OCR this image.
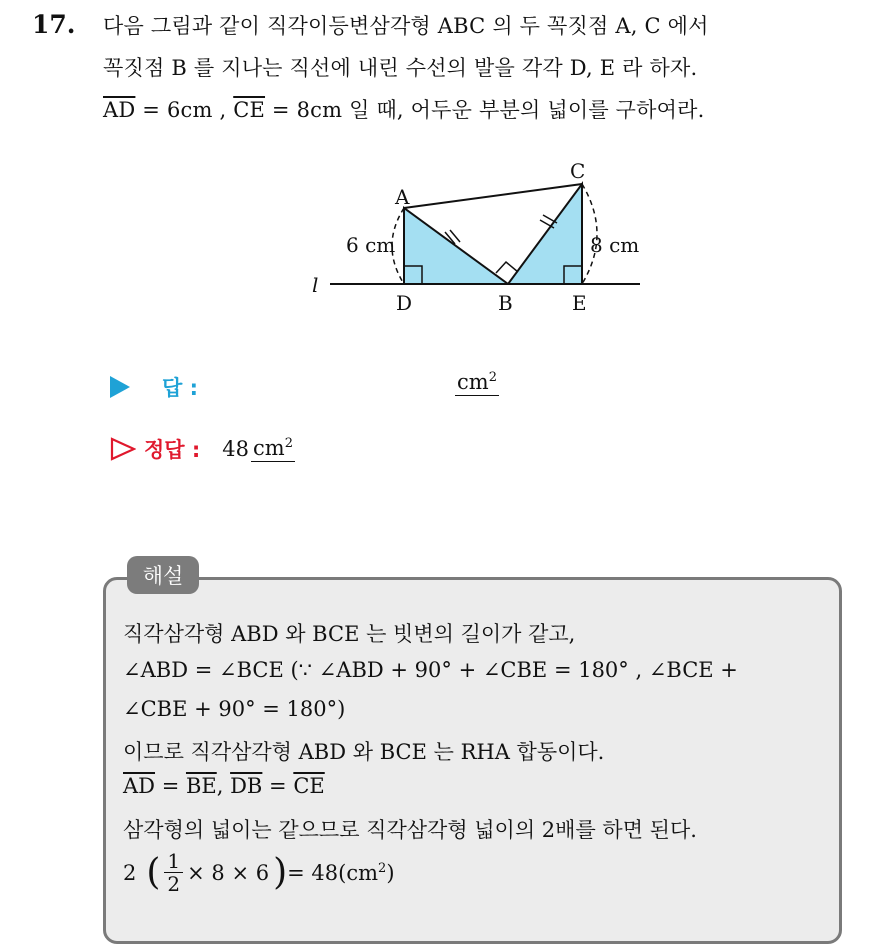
17. 다음 그림과 같이 직각이등변삼각형 ABC 의 두 꼭짓점 A, C 에서
꼭짓점 B 를 지나는 직선에 내린 수선의 발을 각각 D, E 라 하자.
$\overline{AD} = 6cm$ , $\overline{CE} = 8cm$ 일 때, 어두운 부분의 넓이를 구하여라.
A
C
D	B	E
l
6 cm	8 cm
답 :	$cm^2$
정답 : 48 $cm^2$
해설
직각삼각형 ABD 와 BCE 는 빗변의 길이가 같고,
∠ABD = ∠BCE (∵ ∠ABD + 90° + ∠CBE = 180° , ∠BCE +
∠CBE + 90° = 180°)
이므로 직각삼각형 ABD 와 BCE 는 RHA 합동이다.
$\overline{AD} = \overline{BE}$, $\overline{DB} = \overline{CE}$
삼각형의 넓이는 같으므로 직각삼각형 넓이의 2배를 하면 된다.
2 ( $\frac{1}{2} \times 8 \times 6$ ) = $48(cm^2)$
